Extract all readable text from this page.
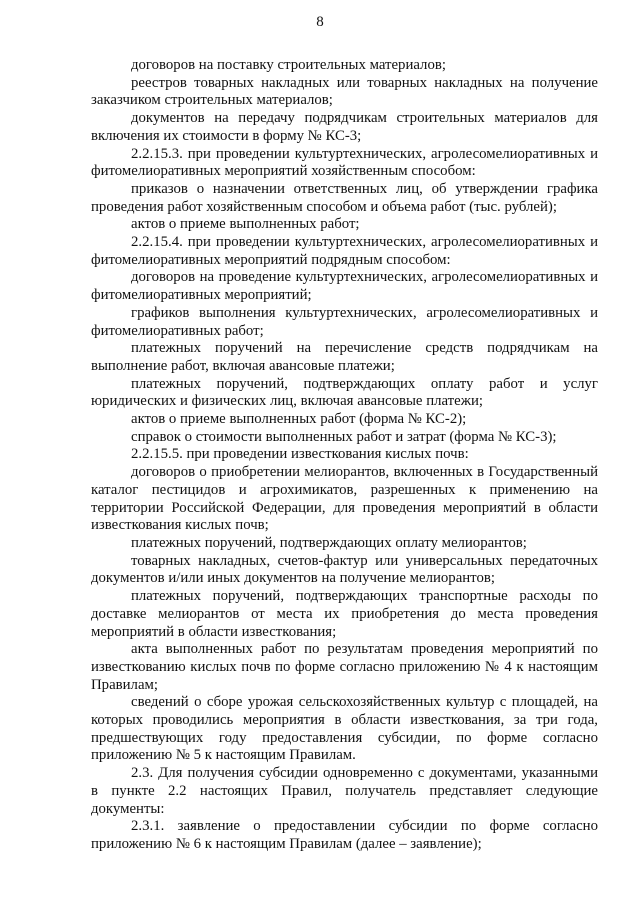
8

договоров на поставку строительных материалов;

реестров товарных накладных или товарных накладных на получение заказчиком строительных материалов;

документов на передачу подрядчикам строительных материалов для включения их стоимости в форму № КС-3;

2.2.15.3. при проведении культуртехнических, агролесомелиоративных и фитомелиоративных мероприятий хозяйственным способом:

приказов о назначении ответственных лиц, об утверждении графика проведения работ хозяйственным способом и объема работ (тыс. рублей);

актов о приеме выполненных работ;

2.2.15.4. при проведении культуртехнических, агролесомелиоративных и фитомелиоративных мероприятий подрядным способом:

договоров на проведение культуртехнических, агролесомелиоративных и фитомелиоративных мероприятий;

графиков выполнения культуртехнических, агролесомелиоративных и фитомелиоративных работ;

платежных поручений на перечисление средств подрядчикам на выполнение работ, включая авансовые платежи;

платежных поручений, подтверждающих оплату работ и услуг юридических и физических лиц, включая авансовые платежи;

актов о приеме выполненных работ (форма № КС-2);

справок о стоимости выполненных работ и затрат (форма № КС-3);

2.2.15.5. при проведении известкования кислых почв:

договоров о приобретении мелиорантов, включенных в Государственный каталог пестицидов и агрохимикатов, разрешенных к применению на территории Российской Федерации, для проведения мероприятий в области известкования кислых почв;

платежных поручений, подтверждающих оплату мелиорантов;

товарных накладных, счетов-фактур или универсальных передаточных документов и/или иных документов на получение мелиорантов;

платежных поручений, подтверждающих транспортные расходы по доставке мелиорантов от места их приобретения до места проведения мероприятий в области известкования;

акта выполненных работ по результатам проведения мероприятий по известкованию кислых почв по форме согласно приложению № 4 к настоящим Правилам;

сведений о сборе урожая сельскохозяйственных культур с площадей, на которых проводились мероприятия в области известкования, за три года, предшествующих году предоставления субсидии, по форме согласно приложению № 5 к настоящим Правилам.

2.3. Для получения субсидии одновременно с документами, указанными в пункте 2.2 настоящих Правил, получатель представляет следующие документы:

2.3.1. заявление о предоставлении субсидии по форме согласно приложению № 6 к настоящим Правилам (далее – заявление);
